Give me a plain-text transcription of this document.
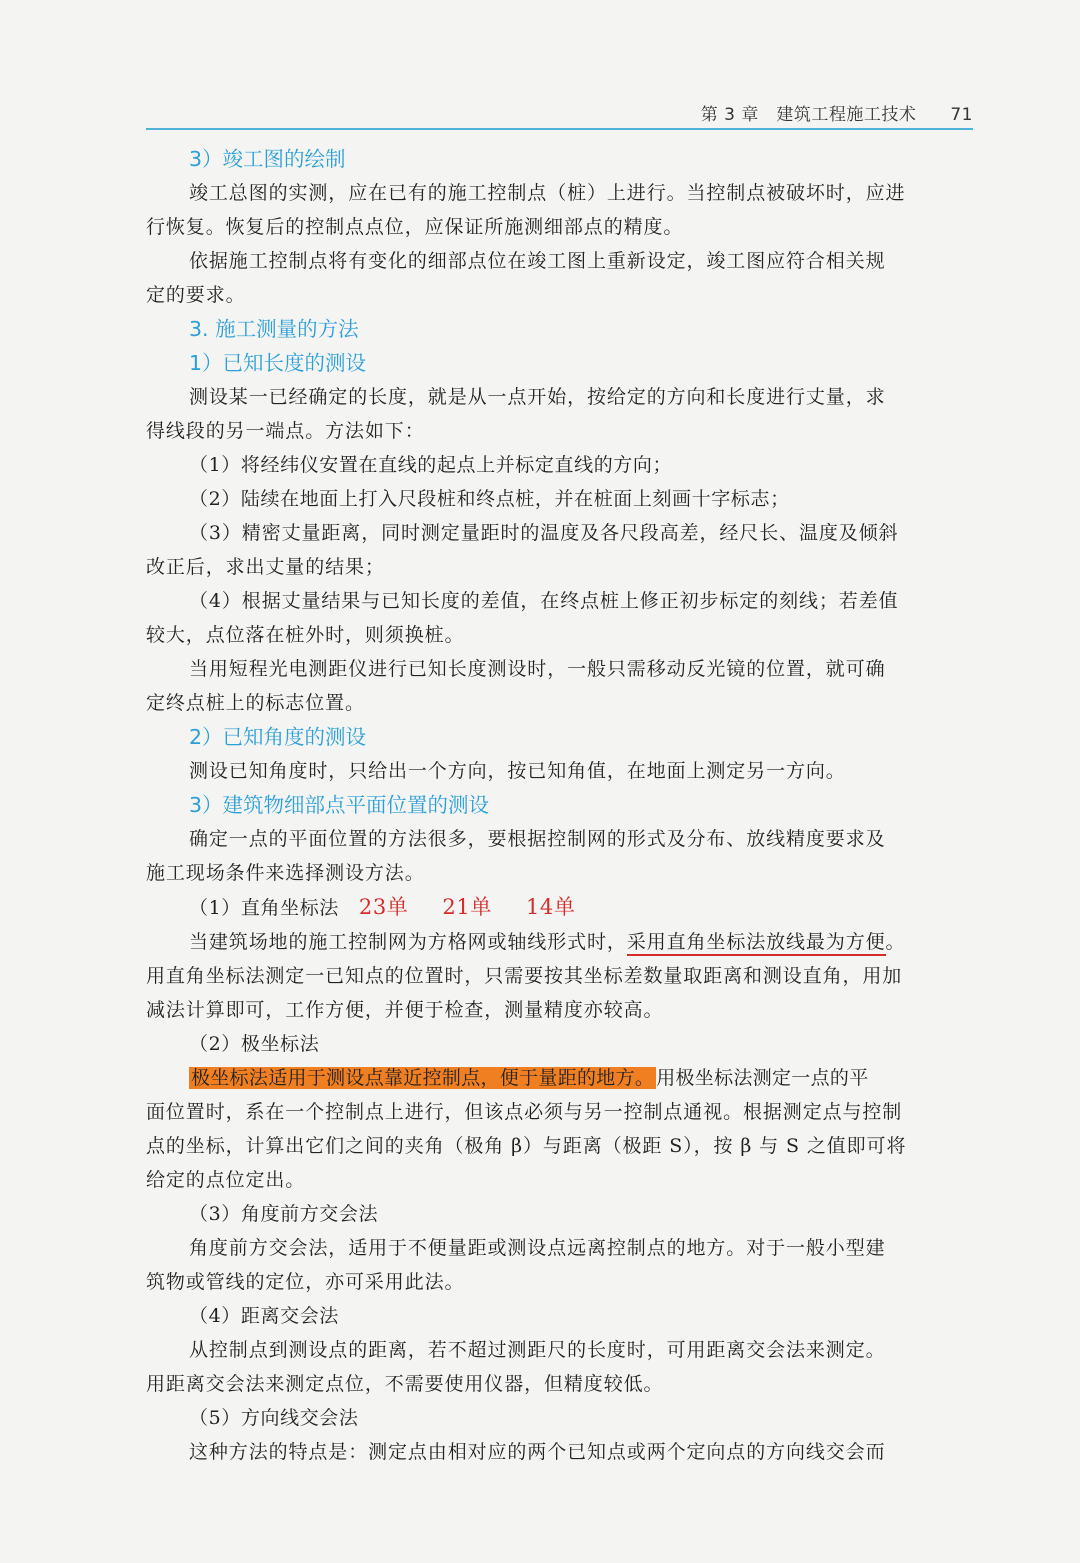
第 3 章　建筑工程施工技术 71
3）竣工图的绘制

竣工总图的实测，应在已有的施工控制点（桩）上进行。当控制点被破坏时，应进
行恢复。恢复后的控制点点位，应保证所施测细部点的精度。

依据施工控制点将有变化的细部点位在竣工图上重新设定，竣工图应符合相关规
定的要求。

3. 施工测量的方法
1）已知长度的测设

测设某一已经确定的长度，就是从一点开始，按给定的方向和长度进行丈量，求
得线段的另一端点。方法如下：

（1）将经纬仪安置在直线的起点上并标定直线的方向；
（2）陆续在地面上打入尺段桩和终点桩，并在桩面上刻画十字标志；

（3）精密丈量距离，同时测定量距时的温度及各尺段高差，经尺长、温度及倾斜
改正后，求出丈量的结果；

（4）根据丈量结果与已知长度的差值，在终点桩上修正初步标定的刻线；若差值
较大，点位落在桩外时，则须换桩。

当用短程光电测距仪进行已知长度测设时，一般只需移动反光镜的位置，就可确
定终点桩上的标志位置。

2）已知角度的测设

测设已知角度时，只给出一个方向，按已知角值，在地面上测定另一方向。

3）建筑物细部点平面位置的测设

确定一点的平面位置的方法很多，要根据控制网的形式及分布、放线精度要求及
施工现场条件来选择测设方法。

（1）直角坐标法 23单 21单 14单

当建筑场地的施工控制网为方格网或轴线形式时，采用直角坐标法放线最为方便。

用直角坐标法测定一已知点的位置时，只需要按其坐标差数量取距离和测设直角，用加
减法计算即可，工作方便，并便于检查，测量精度亦较高。

（2）极坐标法

极坐标法适用于测设点靠近控制点，便于量距的地方。 用极坐标法测定一点的平

面位置时，系在一个控制点上进行，但该点必须与另一控制点通视。根据测定点与控制
点的坐标，计算出它们之间的夹角（极角 β）与距离（极距 S），按 β 与 S 之值即可将
给定的点位定出。

（3）角度前方交会法

角度前方交会法，适用于不便量距或测设点远离控制点的地方。对于一般小型建
筑物或管线的定位，亦可采用此法。

（4）距离交会法

从控制点到测设点的距离，若不超过测距尺的长度时，可用距离交会法来测定。
用距离交会法来测定点位，不需要使用仪器，但精度较低。

（5）方向线交会法

这种方法的特点是：测定点由相对应的两个已知点或两个定向点的方向线交会而
